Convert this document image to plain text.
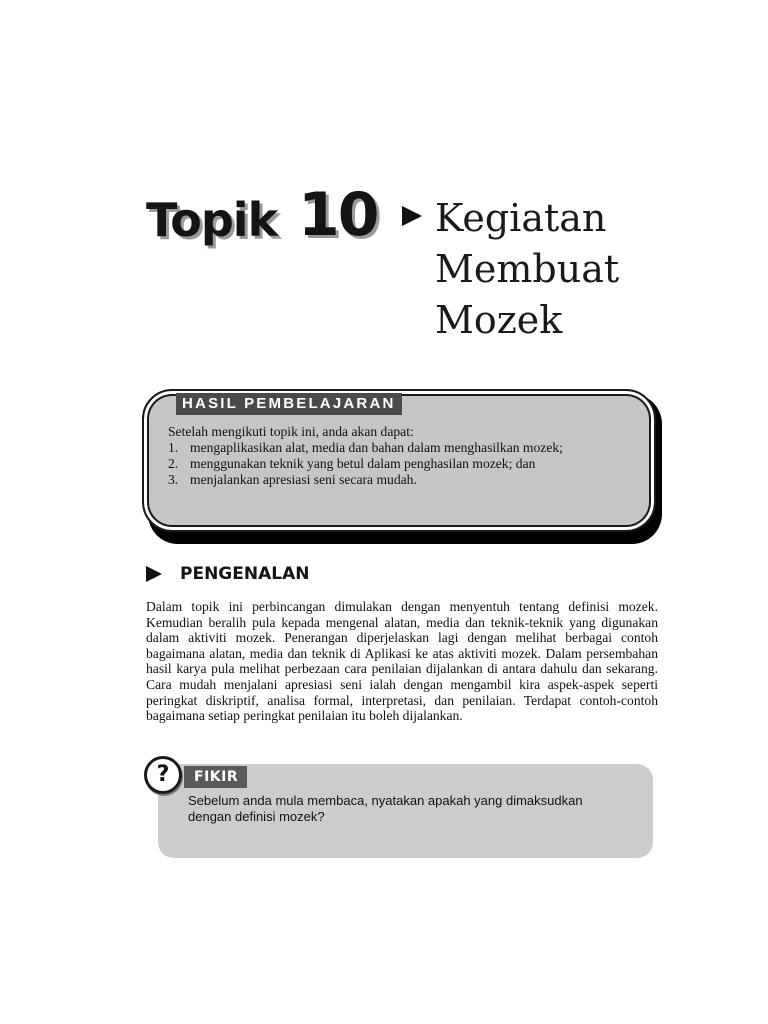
Topik 10 Kegiatan
Membuat
Mozek
HASIL PEMBELAJARAN
Setelah mengikuti topik ini, anda akan dapat:
1. mengaplikasikan alat, media dan bahan dalam menghasilkan mozek;
2. menggunakan teknik yang betul dalam penghasilan mozek; dan
3. menjalankan apresiasi seni secara mudah.
PENGENALAN

Dalam topik ini perbincangan dimulakan dengan menyentuh tentang definisi mozek. Kemudian beralih pula kepada mengenal alatan, media dan teknik-teknik yang digunakan dalam aktiviti mozek. Penerangan diperjelaskan lagi dengan melihat berbagai contoh bagaimana alatan, media dan teknik di Aplikasi ke atas aktiviti mozek. Dalam persembahan hasil karya pula melihat perbezaan cara penilaian dijalankan di antara dahulu dan sekarang. Cara mudah menjalani apresiasi seni ialah dengan mengambil kira aspek-aspek seperti peringkat diskriptif, analisa formal, interpretasi, dan penilaian. Terdapat contoh-contoh bagaimana setiap peringkat penilaian itu boleh dijalankan.

?	FIKIR

Sebelum anda mula membaca, nyatakan apakah yang dimaksudkan
dengan definisi mozek?
